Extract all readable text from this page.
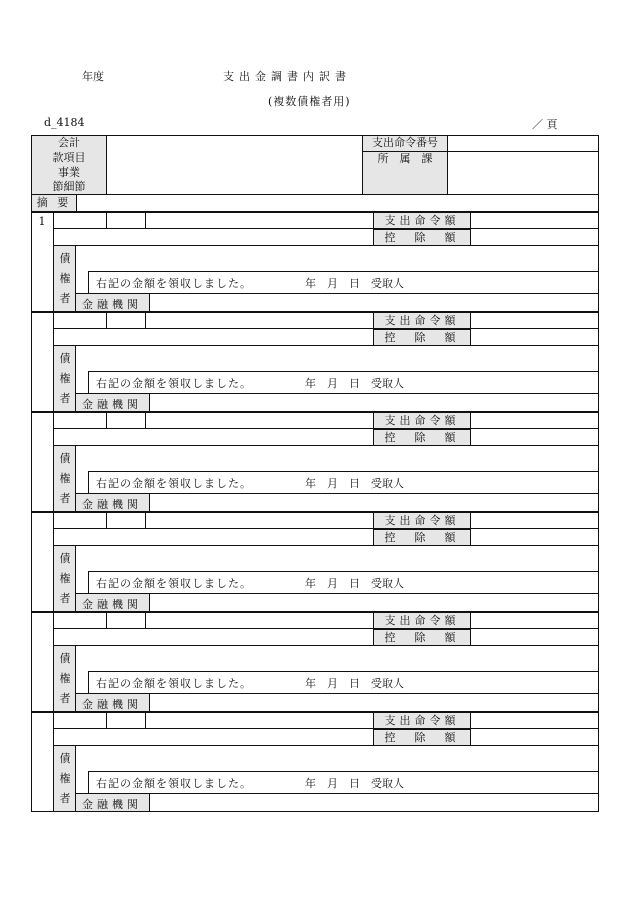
年度	支出金調書内訳書
(複数債権者用)
d_4184	／ 頁
会計
款項目
事業
節細節
支出命令番号
所　属　課
摘 要
1	支出命令額
控　除　額
債
権
者
右記の金額を領収しました。	年　月　日　受取人
金融機関
支出命令額
控　除　額
債
権
者
右記の金額を領収しました。	年　月　日　受取人
金融機関
支出命令額
控　除　額
債
権
者
右記の金額を領収しました。	年　月　日　受取人
金融機関
支出命令額
控　除　額
債
権
者
右記の金額を領収しました。	年　月　日　受取人
金融機関
支出命令額
控　除　額
債
権
者
右記の金額を領収しました。	年　月　日　受取人
金融機関
支出命令額
控　除　額
債
権
者
右記の金額を領収しました。	年　月　日　受取人
金融機関
